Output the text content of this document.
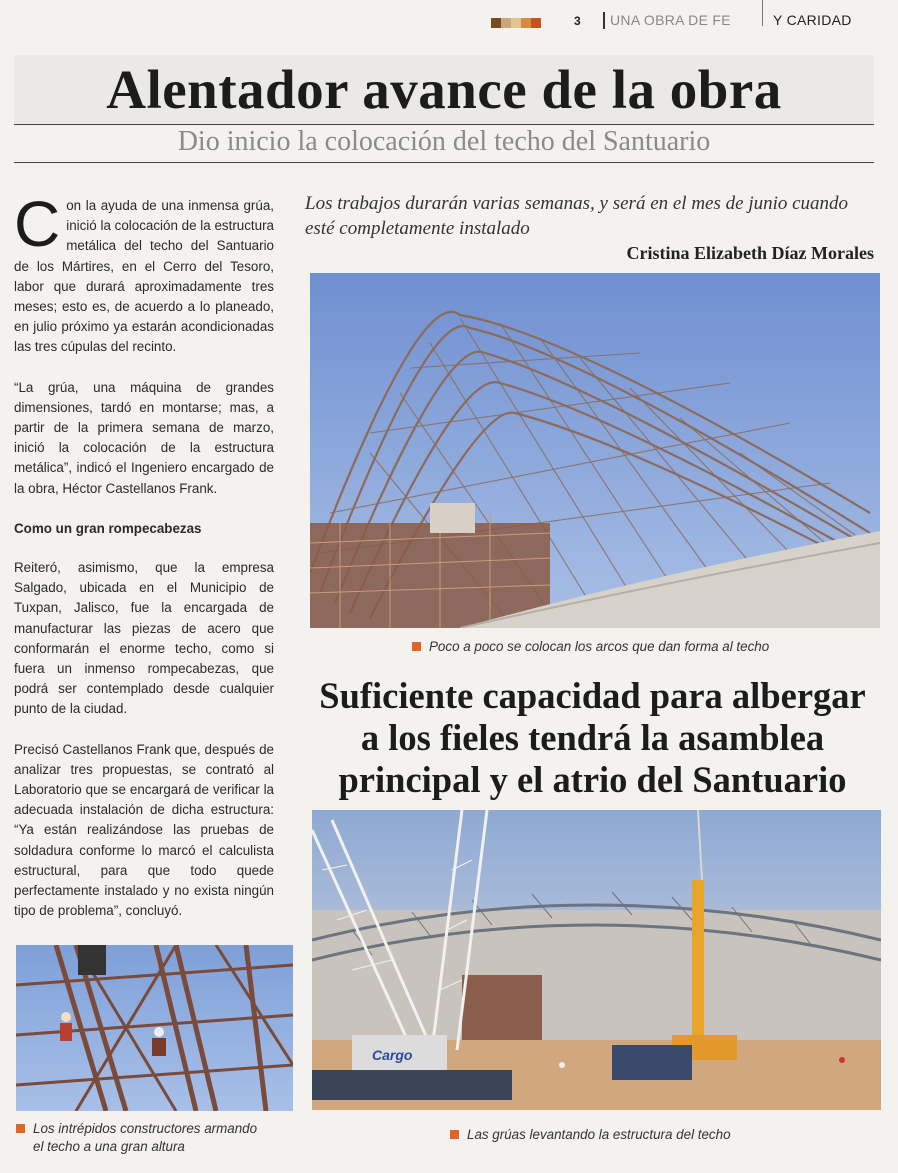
3 UNA OBRA DE FE	Y CARIDAD
Alentador avance de la obra
Dio inicio la colocación del techo del Santuario

Con la ayuda de una inmensa grúa, inició la colocación de la estructura metálica del techo del Santuario de los Mártires, en el Cerro del Tesoro, labor que durará aproximadamente tres meses; esto es, de acuerdo a lo planeado, en julio próximo ya estarán acondicionadas las tres cúpulas del recinto.

“La grúa, una máquina de grandes dimensiones, tardó en montarse; mas, a partir de la primera semana de marzo, inició la colocación de la estructura metálica”, indicó el Ingeniero encargado de la obra, Héctor Castellanos Frank.

Como un gran rompecabezas

Reiteró, asimismo, que la empresa Salgado, ubicada en el Municipio de Tuxpan, Jalisco, fue la encargada de manufacturar las piezas de acero que conformarán el enorme techo, como si fuera un inmenso rompecabezas, que podrá ser contemplado desde cualquier punto de la ciudad.

Precisó Castellanos Frank que, después de analizar tres propuestas, se contrató al Laboratorio que se encargará de verificar la adecuada instalación de dicha estructura: “Ya están realizándose las pruebas de soldadura conforme lo marcó el calculista estructural, para que todo quede perfectamente instalado y no exista ningún tipo de problema”, concluyó.

Los trabajos durarán varias semanas, y será en el mes de junio cuando esté completamente instalado
Cristina Elizabeth Díaz Morales
Poco a poco se colocan los arcos que dan forma al techo
Suficiente capacidad para albergar
a los fieles tendrá la asamblea
principal y el atrio del Santuario
Cargo
Las grúas levantando la estructura del techo
Los intrépidos constructores armando
el techo a una gran altura
